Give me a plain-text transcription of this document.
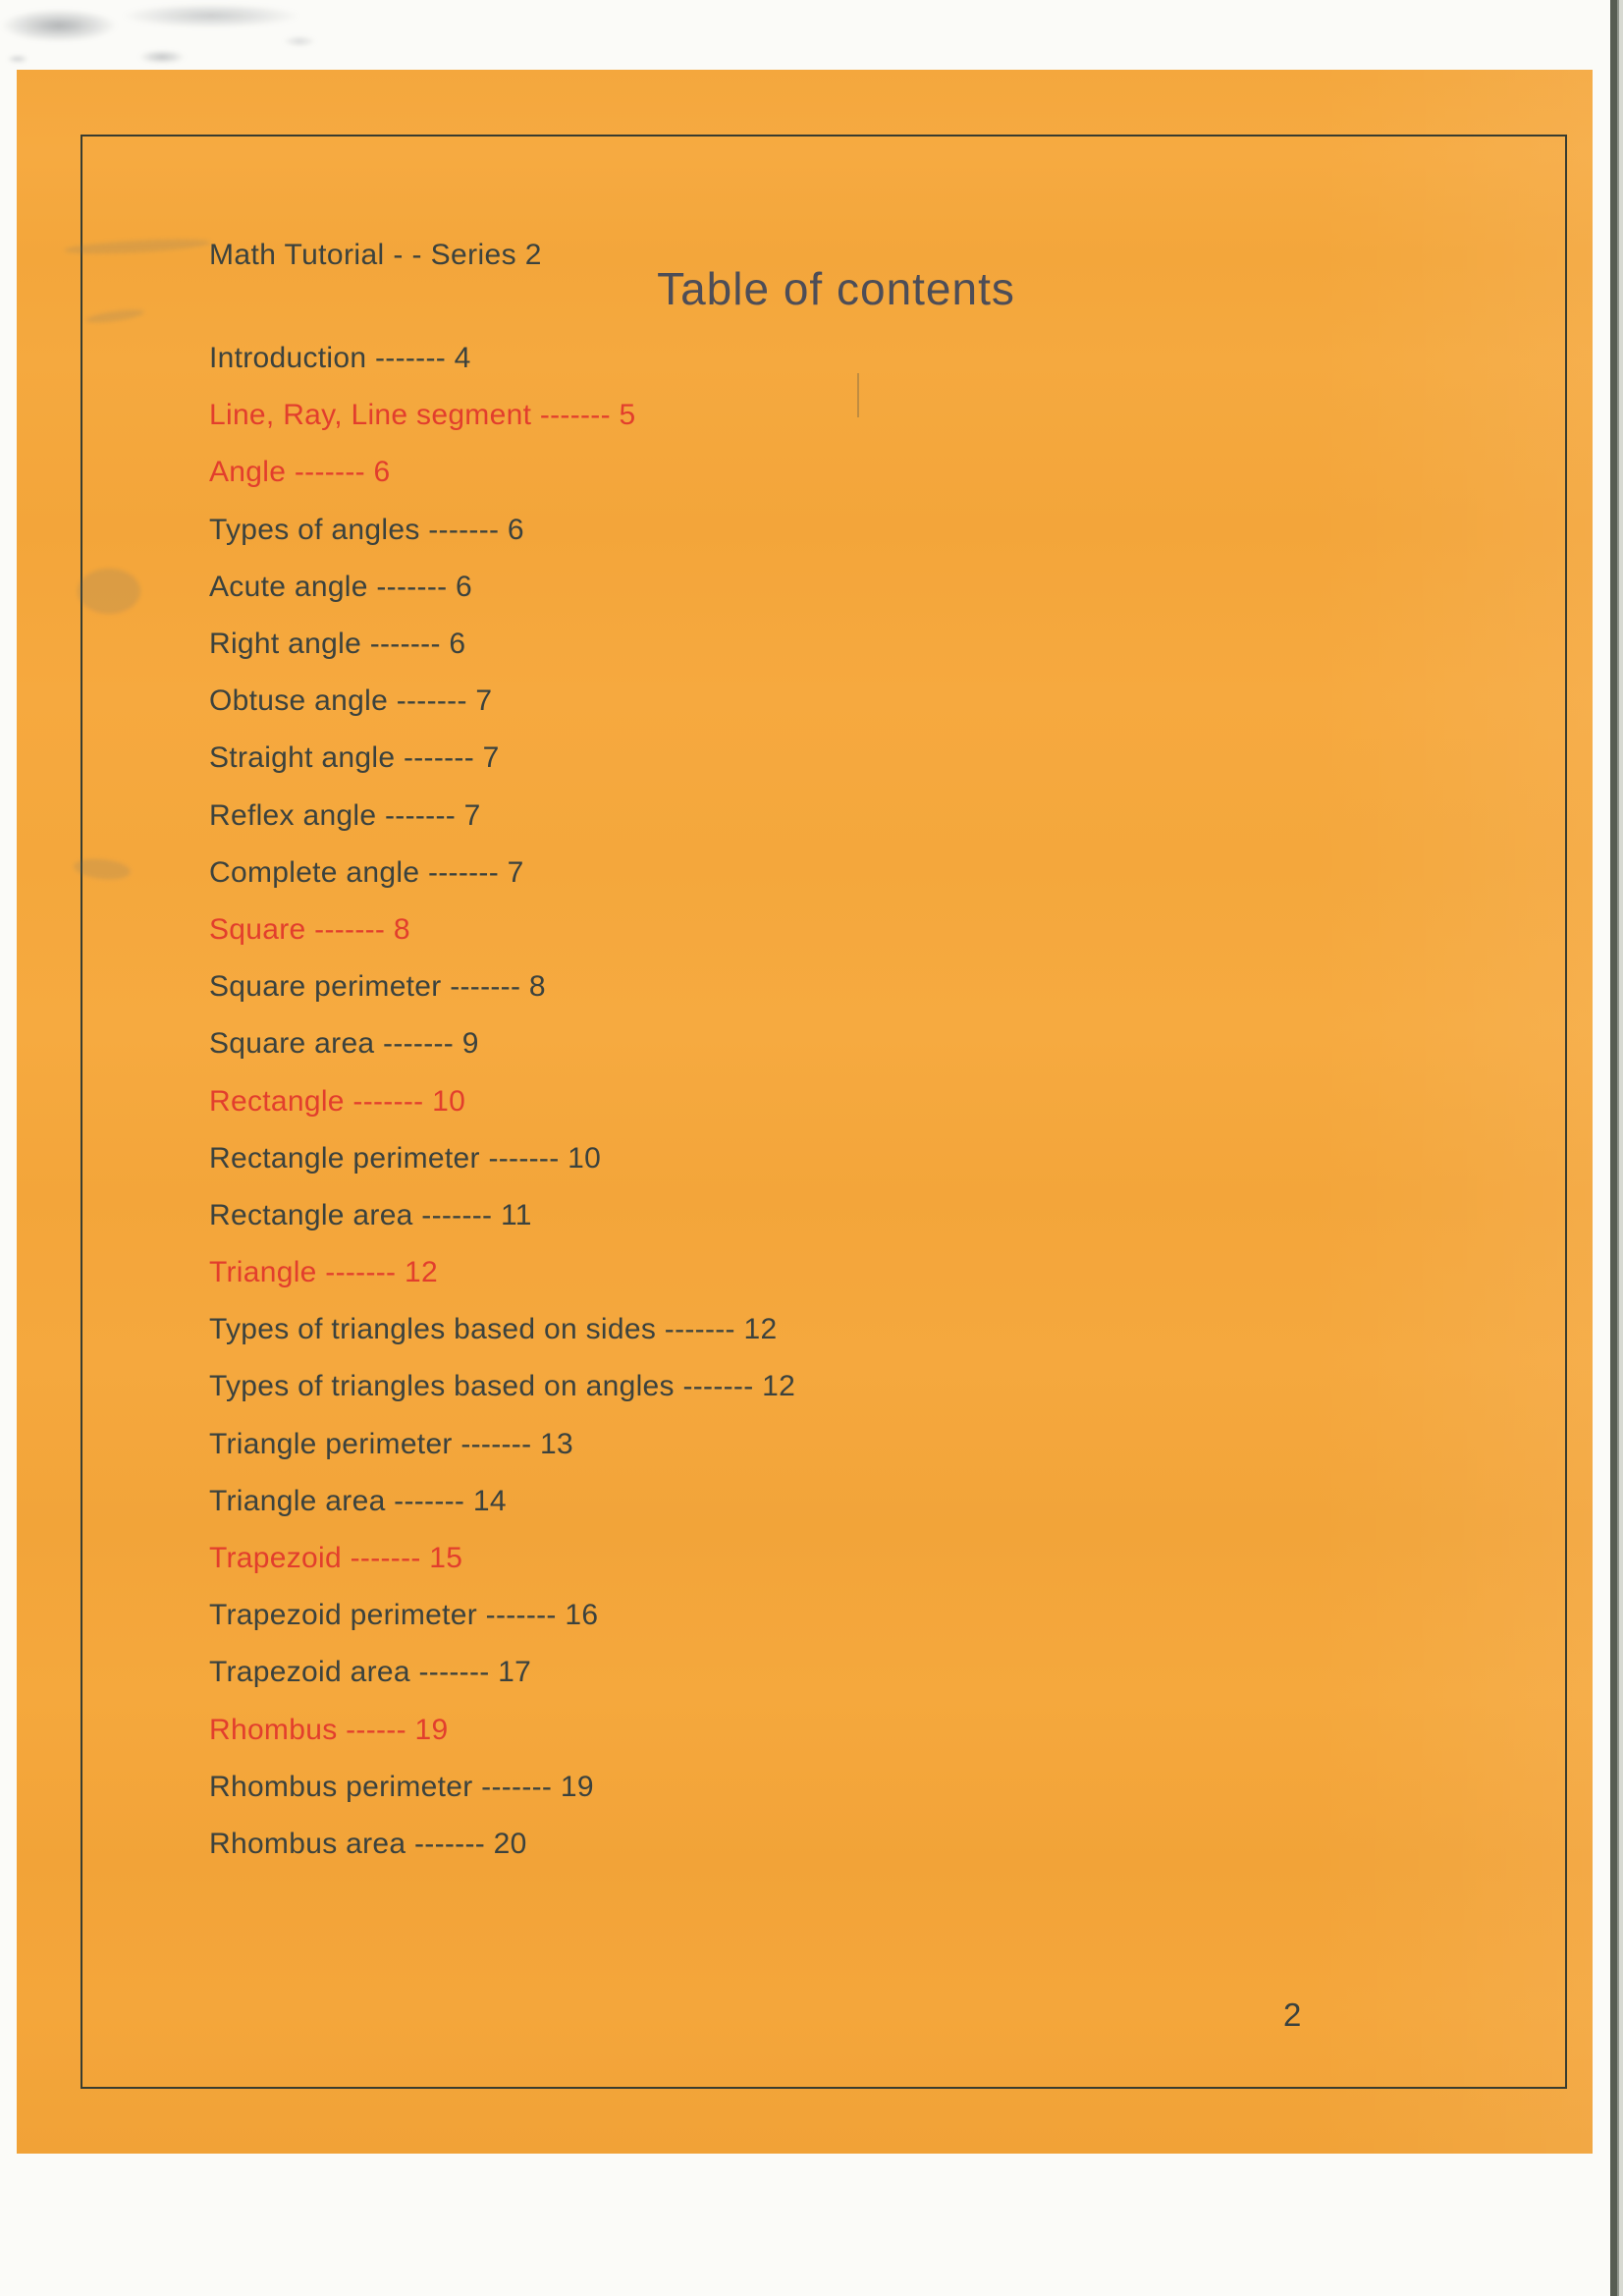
Math Tutorial - - Series 2
Table of contents
Introduction ------- 4
Line, Ray, Line segment ------- 5
Angle ------- 6
Types of angles ------- 6
Acute angle ------- 6
Right angle ------- 6
Obtuse angle ------- 7
Straight angle ------- 7
Reflex angle ------- 7
Complete angle ------- 7
Square ------- 8
Square perimeter ------- 8
Square area ------- 9
Rectangle ------- 10
Rectangle perimeter ------- 10
Rectangle area ------- 11
Triangle ------- 12
Types of triangles based on sides ------- 12
Types of triangles based on angles ------- 12
Triangle perimeter ------- 13
Triangle area ------- 14
Trapezoid ------- 15
Trapezoid perimeter ------- 16
Trapezoid area ------- 17
Rhombus ------ 19
Rhombus perimeter ------- 19
Rhombus area ------- 20
2
